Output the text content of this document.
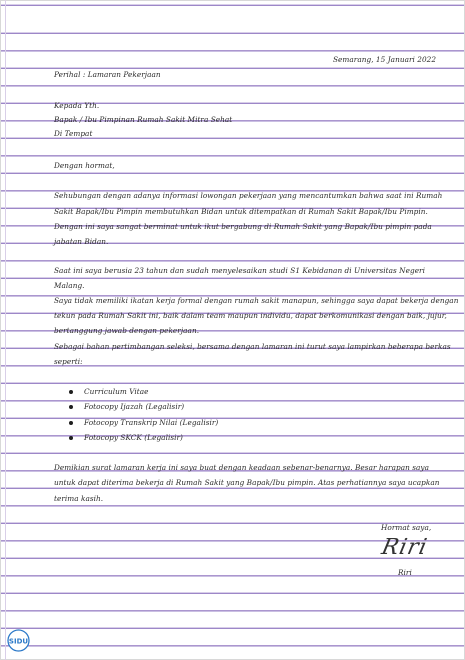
Semarang, 15 Januari 2022
Perihal : Lamaran Pekerjaan
Kepada Yth.
Bapak / Ibu Pimpinan Rumah Sakit Mitra Sehat
Di Tempat
Dengan hormat,
Sehubungan dengan adanya informasi lowongan pekerjaan yang mencantumkan bahwa saat ini Rumah
Sakit Bapak/Ibu Pimpin membutuhkan Bidan untuk ditempatkan di Rumah Sakit Bapak/Ibu Pimpin.
Dengan ini saya sangat berminat untuk ikut bergabung di Rumah Sakit yang Bapak/Ibu pimpin pada
jabatan Bidan.
Saat ini saya berusia 23 tahun dan sudah menyelesaikan studi S1 Kebidanan di Universitas Negeri
Malang.
Saya tidak memiliki ikatan kerja formal dengan rumah sakit manapun, sehingga saya dapat bekerja dengan
tekun pada Rumah Sakit ini, baik dalam team maupun individu, dapat berkomunikasi dengan baik, jujur,
bertanggung jawab dengan pekerjaan.
Sebagai bahan pertimbangan seleksi, bersama dengan lamaran ini turut saya lampirkan beberapa berkas
seperti:
Curriculum Vitae
Fotocopy Ijazah (Legalisir)
Fotocopy Transkrip Nilai (Legalisir)
Fotocopy SKCK (Legalisir)
Demikian surat lamaran kerja ini saya buat dengan keadaan sebenar-benarnya. Besar harapan saya
untuk dapat diterima bekerja di Rumah Sakit yang Bapak/Ibu pimpin. Atas perhatiannya saya ucapkan
terima kasih.
Hormat saya,
Riri
Riri
SIDU
